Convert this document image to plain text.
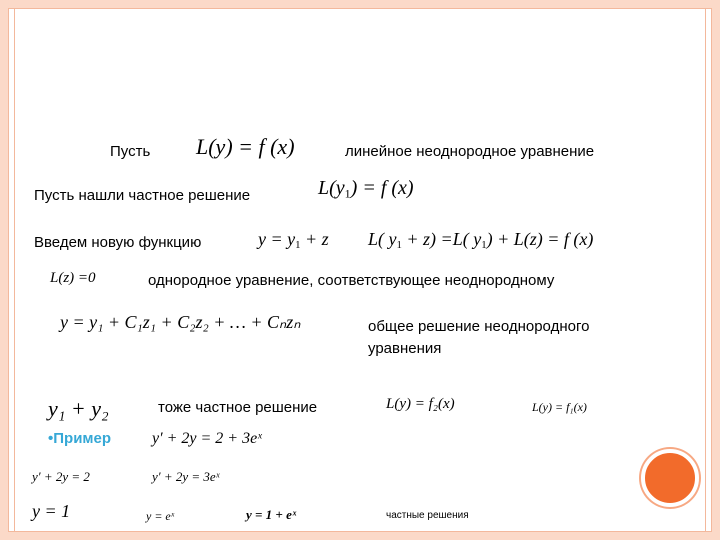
Пусть L(y) = f (x)	линейное неоднородное уравнение
Пусть нашли частное решение	$L(y_1) = f$ (x)
Введем новую функцию	$y = y_1 + z$ L( $y_1 + z) =L$( $y_1) + L(z) = f$ (x)
L(z) =0	однородное уравнение, соответствующее неоднородному
y = y₁ + C₁z₁ + C₂z₂ + … + Cₙzₙ	общее решение неоднородного
уравнения
y₁ + y₂	тоже частное решение	L(y) = f₂(x)	L(y) = f₁(x)
•Пример	y′ + 2y = 2 + 3eˣ
y′ + 2y = 2	y′ + 2y = 3eˣ
y = 1	y = eˣ	y = 1 + eˣ	частные решения
